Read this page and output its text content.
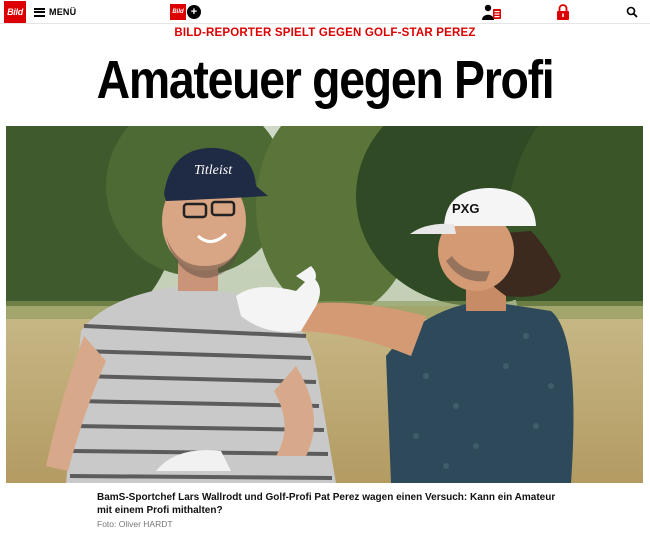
Bild	MENÜ	Bild +
BILD-REPORTER SPIELT GEGEN GOLF-STAR PEREZ
Amateuer gegen Profi
Titleist
PXG
BamS-Sportchef Lars Wallrodt und Golf-Profi Pat Perez wagen einen Versuch: Kann ein Amateur mit einem Profi mithalten?
Foto: Oliver HARDT
